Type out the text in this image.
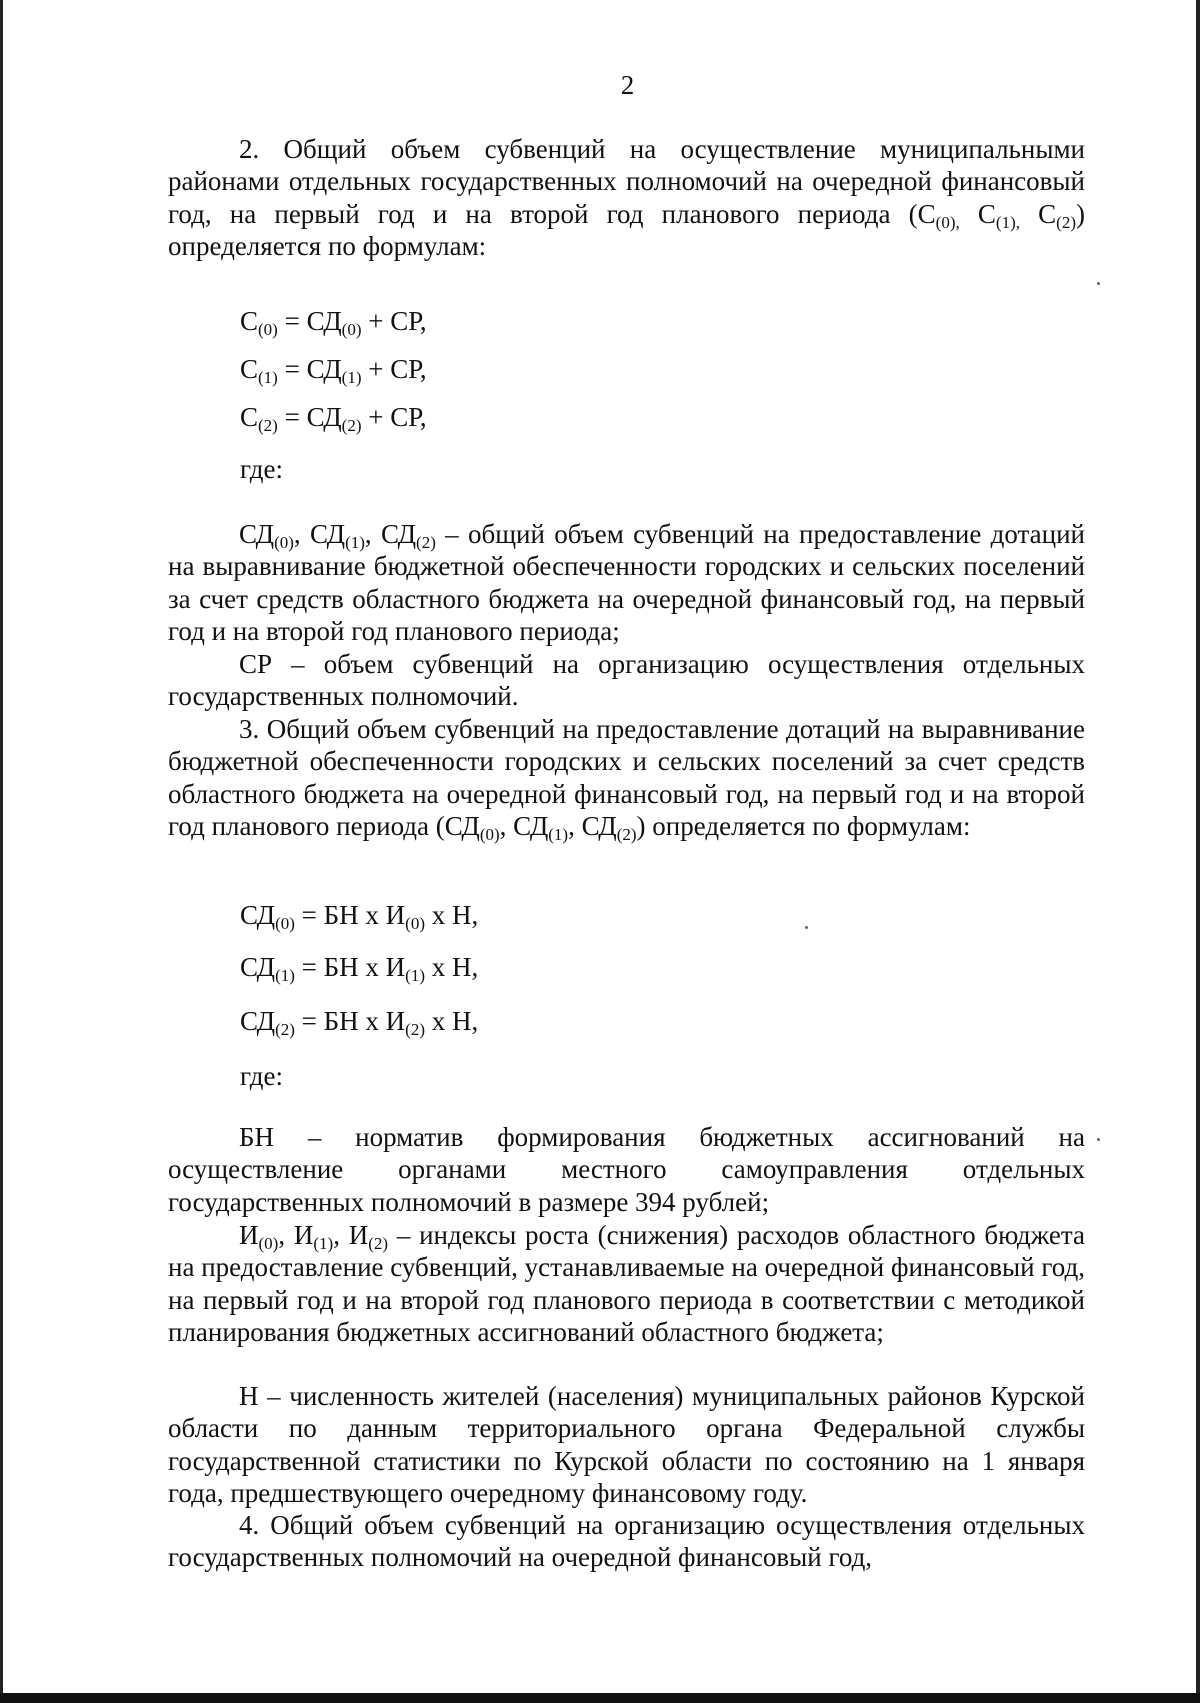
2

2. Общий объем субвенций на осуществление муниципальными районами отдельных государственных полномочий на очередной финансовый год, на первый год и на второй год планового периода ($С_{(0),}$ $С_{(1),}$ $С_{(2)}$) определяется по формулам:

$С_{(0)} = СД_{(0)}$ + СР,

$С_{(1)} = СД_{(1)}$ + СР,

$С_{(2)} = СД_{(2)}$ + СР,

где:

$СД_{(0)}$, $СД_{(1)}$, $СД_{(2)}$ – общий объем субвенций на предоставление дотаций на выравнивание бюджетной обеспеченности городских и сельских поселений за счет средств областного бюджета на очередной финансовый год, на первый год и на второй год планового периода;

СР – объем субвенций на организацию осуществления отдельных государственных полномочий.

3. Общий объем субвенций на предоставление дотаций на выравнивание бюджетной обеспеченности городских и сельских поселений за счет средств областного бюджета на очередной финансовый год, на первый год и на второй год планового периода ($СД_{(0)}$, $СД_{(1)}$, $СД_{(2)}$) определяется по формулам:

$СД_{(0)}$ = БН х $И_{(0)}$ х Н,

$СД_{(1)}$ = БН х $И_{(1)}$ х Н,

$СД_{(2)}$ = БН х $И_{(2)}$ х Н,

где:

БН – норматив формирования бюджетных ассигнований на осуществление органами местного самоуправления отдельных государственных полномочий в размере 394 рублей;

$И_{(0)}$, $И_{(1)}$, $И_{(2)}$ – индексы роста (снижения) расходов областного бюджета на предоставление субвенций, устанавливаемые на очередной финансовый год, на первый год и на второй год планового периода в соответствии с методикой планирования бюджетных ассигнований областного бюджета;

Н – численность жителей (населения) муниципальных районов Курской области по данным территориального органа Федеральной службы государственной статистики по Курской области по состоянию на 1 января года, предшествующего очередному финансовому году.

4. Общий объем субвенций на организацию осуществления отдельных государственных полномочий на очередной финансовый год,
